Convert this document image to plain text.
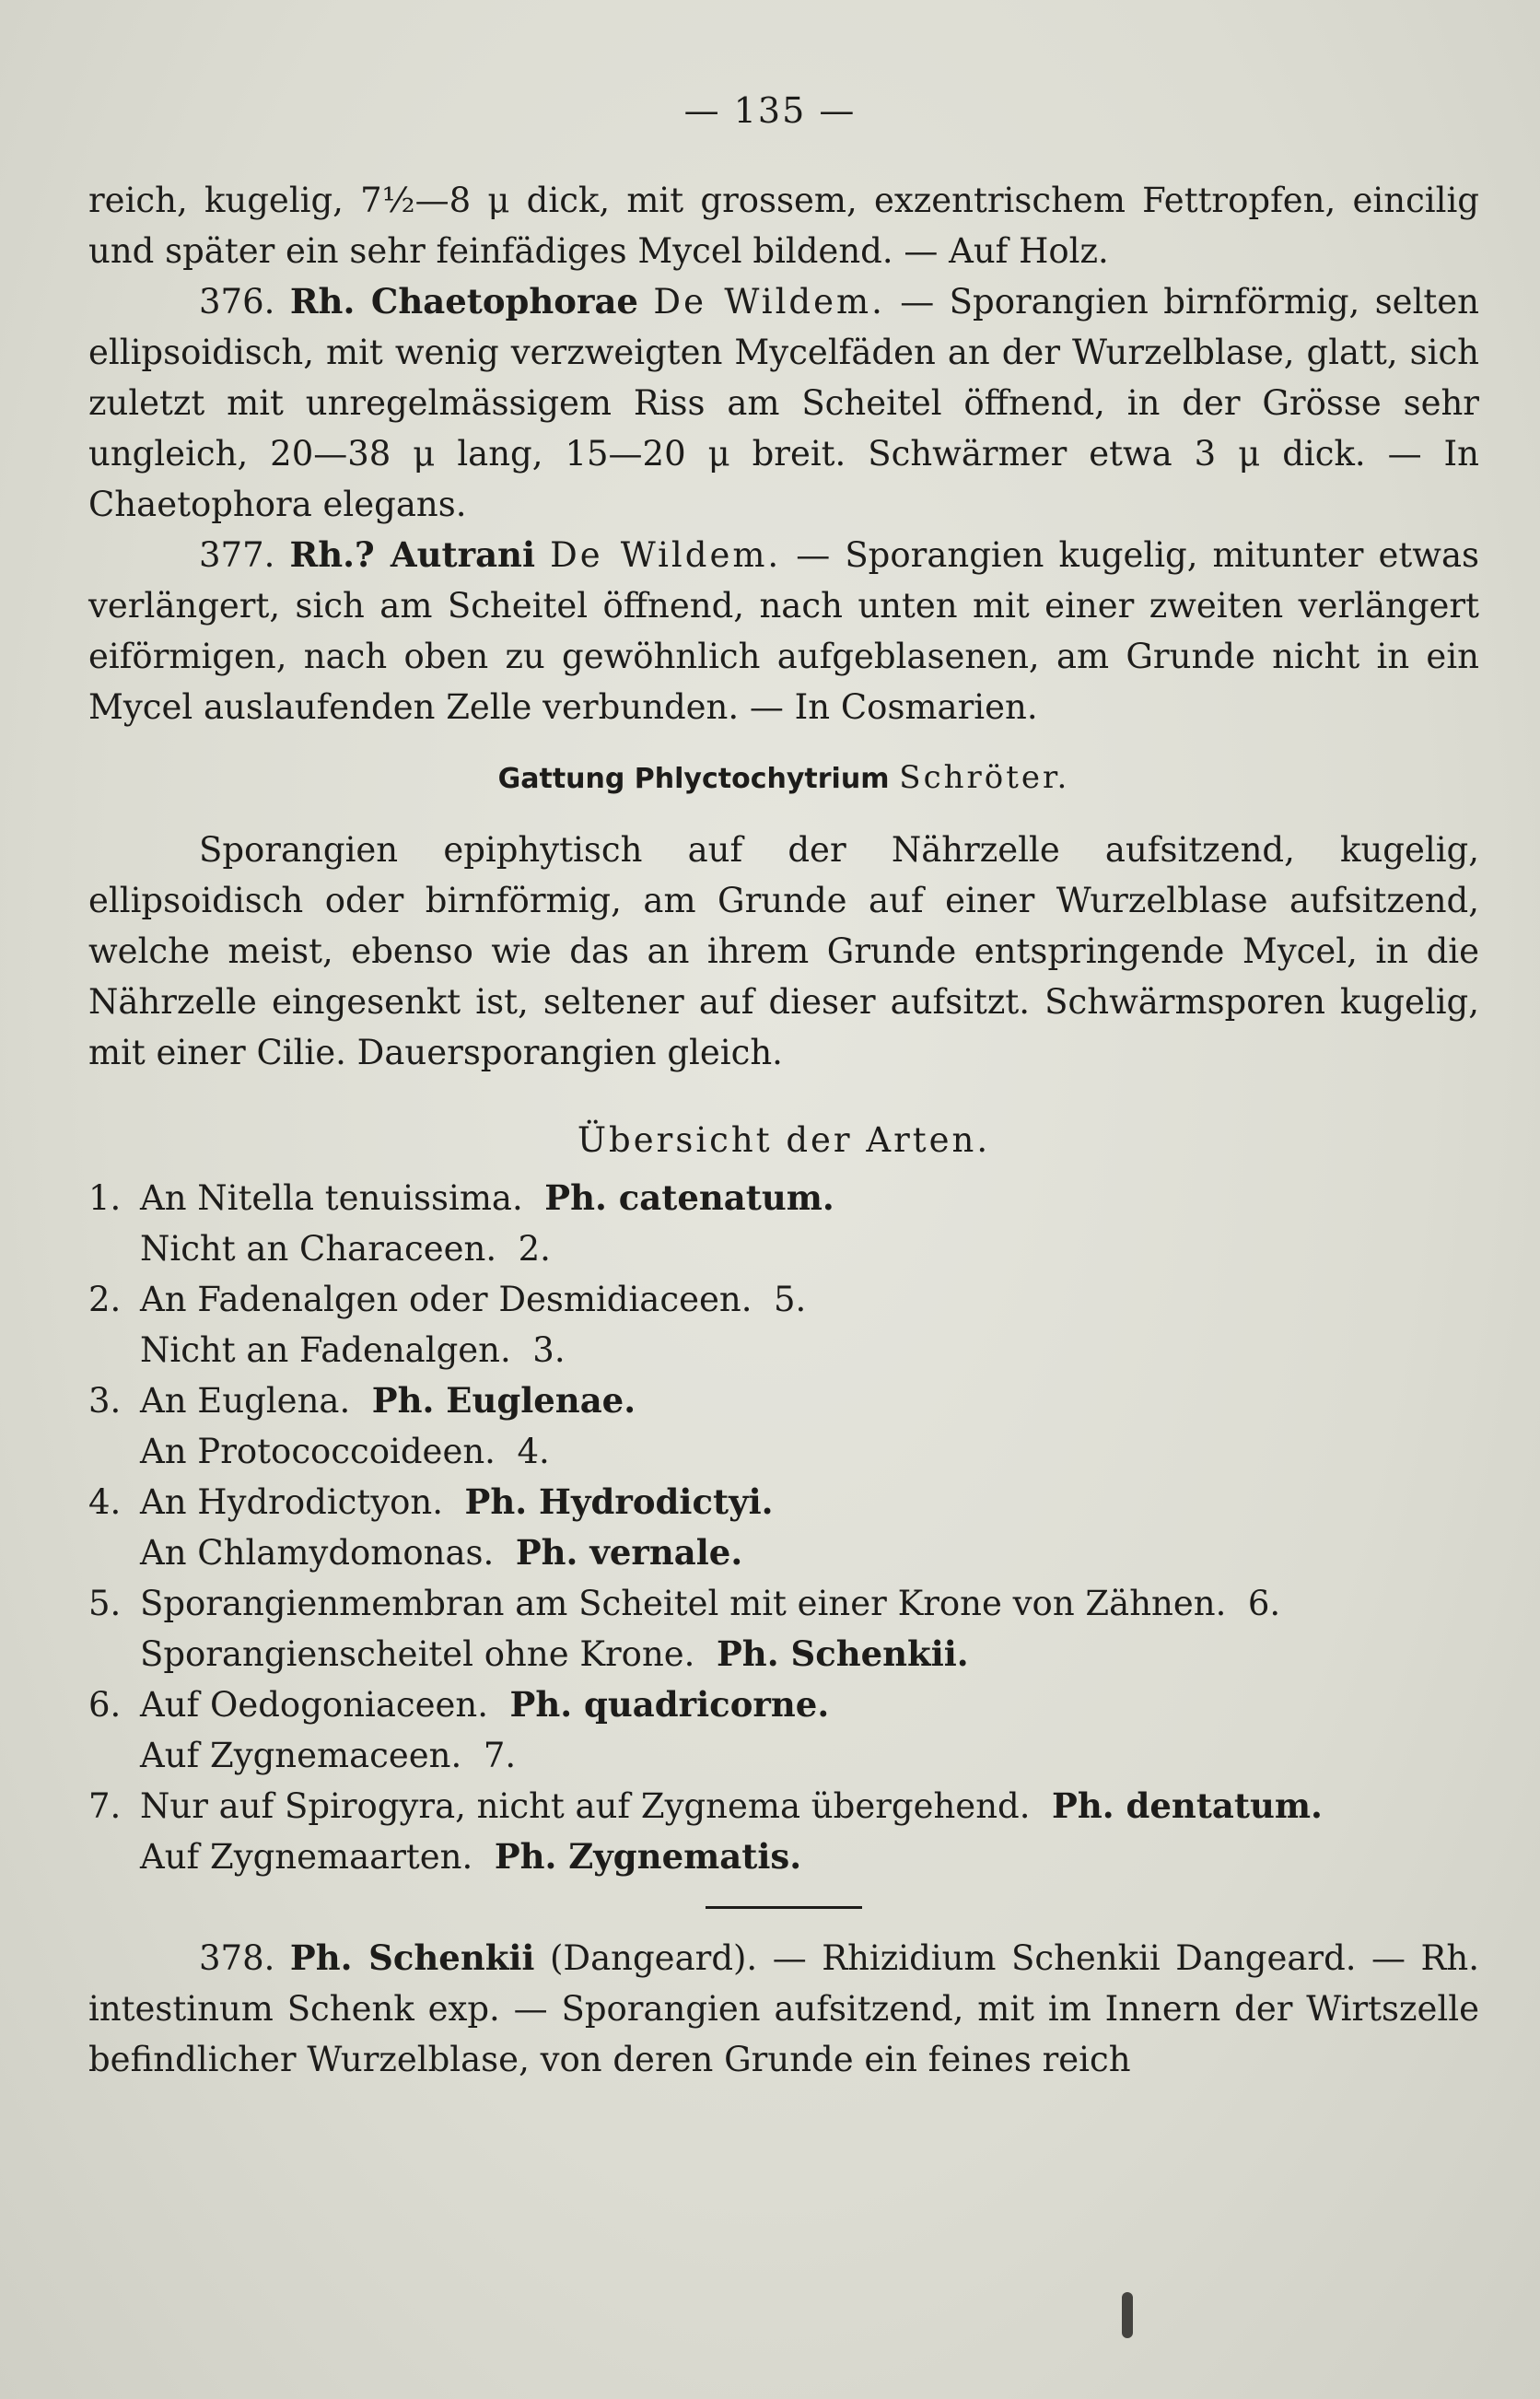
— 135 —

reich, kugelig, 7½—8 μ dick, mit grossem, exzentrischem Fettropfen, eincilig und später ein sehr feinfädiges Mycel bildend. — Auf Holz.

376. Rh. Chaetophorae De Wildem. — Sporangien birnförmig, selten ellipsoidisch, mit wenig verzweigten Mycelfäden an der Wurzelblase, glatt, sich zuletzt mit unregelmässigem Riss am Scheitel öffnend, in der Grösse sehr ungleich, 20—38 μ lang, 15—20 μ breit. Schwärmer etwa 3 μ dick. — In Chaetophora elegans.

377. Rh.? Autrani De Wildem. — Sporangien kugelig, mitunter etwas verlängert, sich am Scheitel öffnend, nach unten mit einer zweiten verlängert eiförmigen, nach oben zu gewöhnlich aufgeblasenen, am Grunde nicht in ein Mycel auslaufenden Zelle verbunden. — In Cosmarien.

Gattung Phlyctochytrium Schröter.

Sporangien epiphytisch auf der Nährzelle aufsitzend, kugelig, ellipsoidisch oder birnförmig, am Grunde auf einer Wurzelblase aufsitzend, welche meist, ebenso wie das an ihrem Grunde entspringende Mycel, in die Nährzelle eingesenkt ist, seltener auf dieser aufsitzt. Schwärmsporen kugelig, mit einer Cilie. Dauersporangien gleich.

Übersicht der Arten.
1. An Nitella tenuissima. Ph. catenatum.
Nicht an Characeen. 2.
2. An Fadenalgen oder Desmidiaceen. 5.
Nicht an Fadenalgen. 3.
3. An Euglena. Ph. Euglenae.
An Protococcoideen. 4.
4. An Hydrodictyon. Ph. Hydrodictyi.
An Chlamydomonas. Ph. vernale.
5. Sporangienmembran am Scheitel mit einer Krone von Zähnen. 6.
Sporangienscheitel ohne Krone. Ph. Schenkii.
6. Auf Oedogoniaceen. Ph. quadricorne.
Auf Zygnemaceen. 7.
7. Nur auf Spirogyra, nicht auf Zygnema übergehend. Ph. dentatum.
Auf Zygnemaarten. Ph. Zygnematis.

378. Ph. Schenkii (Dangeard). — Rhizidium Schenkii Dangeard. — Rh. intestinum Schenk exp. — Sporangien aufsitzend, mit im Innern der Wirtszelle befindlicher Wurzelblase, von deren Grunde ein feines reich
